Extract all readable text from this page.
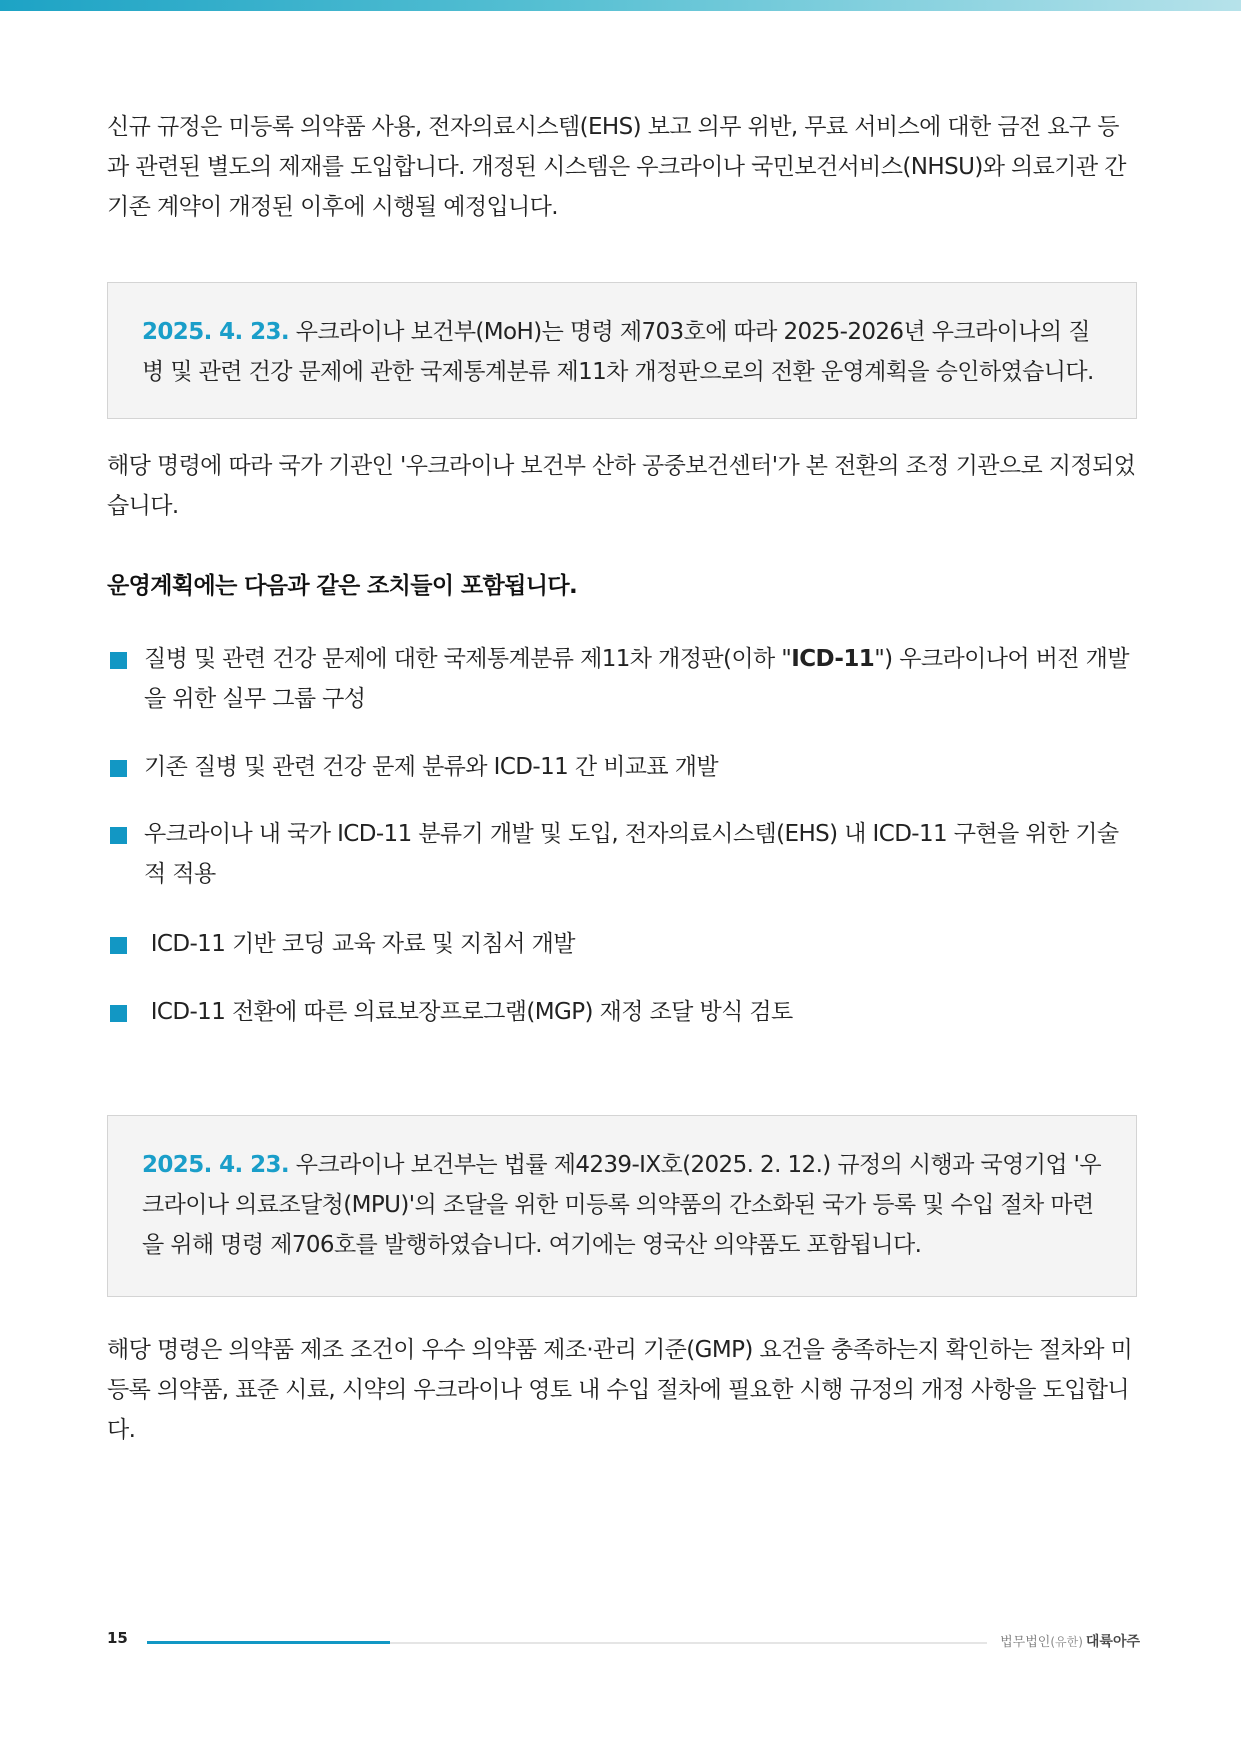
신규 규정은 미등록 의약품 사용, 전자의료시스템(EHS) 보고 의무 위반, 무료 서비스에 대한 금전 요구 등과 관련된 별도의 제재를 도입합니다. 개정된 시스템은 우크라이나 국민보건서비스(NHSU)와 의료기관 간 기존 계약이 개정된 이후에 시행될 예정입니다.

2025. 4. 23. 우크라이나 보건부(MoH)는 명령 제703호에 따라 2025-2026년 우크라이나의 질병 및 관련 건강 문제에 관한 국제통계분류 제11차 개정판으로의 전환 운영계획을 승인하였습니다.

해당 명령에 따라 국가 기관인 '우크라이나 보건부 산하 공중보건센터'가 본 전환의 조정 기관으로 지정되었습니다.

운영계획에는 다음과 같은 조치들이 포함됩니다.

질병 및 관련 건강 문제에 대한 국제통계분류 제11차 개정판(이하 "ICD-11") 우크라이나어 버전 개발을 위한 실무 그룹 구성

기존 질병 및 관련 건강 문제 분류와 ICD-11 간 비교표 개발

우크라이나 내 국가 ICD-11 분류기 개발 및 도입, 전자의료시스템(EHS) 내 ICD-11 구현을 위한 기술적 적용

ICD-11 기반 코딩 교육 자료 및 지침서 개발

ICD-11 전환에 따른 의료보장프로그램(MGP) 재정 조달 방식 검토

2025. 4. 23. 우크라이나 보건부는 법률 제4239-IX호(2025. 2. 12.) 규정의 시행과 국영기업 '우크라이나 의료조달청(MPU)'의 조달을 위한 미등록 의약품의 간소화된 국가 등록 및 수입 절차 마련을 위해 명령 제706호를 발행하였습니다. 여기에는 영국산 의약품도 포함됩니다.

해당 명령은 의약품 제조 조건이 우수 의약품 제조·관리 기준(GMP) 요건을 충족하는지 확인하는 절차와 미등록 의약품, 표준 시료, 시약의 우크라이나 영토 내 수입 절차에 필요한 시행 규정의 개정 사항을 도입합니다.

15	법무법인(유한) 대륙아주
